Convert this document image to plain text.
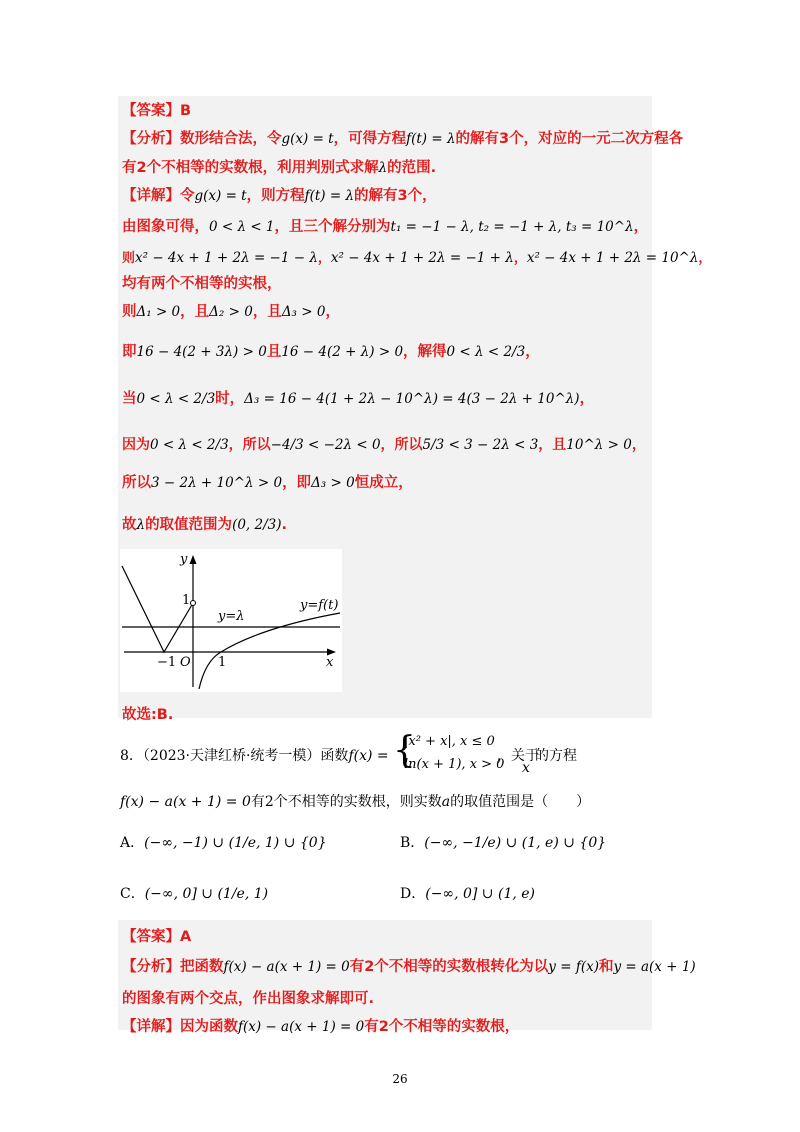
【答案】B
【分析】数形结合法，令g(x) = t，可得方程f(t) = λ的解有3个，对应的一元二次方程各
有2个不相等的实数根，利用判别式求解λ的范围.
【详解】令g(x) = t，则方程f(t) = λ的解有3个，
由图象可得，0 < λ < 1，且三个解分别为t₁ = −1 − λ, t₂ = −1 + λ, t₃ = 10^λ，
则x² − 4x + 1 + 2λ = −1 − λ，x² − 4x + 1 + 2λ = −1 + λ，x² − 4x + 1 + 2λ = 10^λ，
均有两个不相等的实根，
则Δ₁ > 0，且Δ₂ > 0，且Δ₃ > 0，
即16 − 4(2 + 3λ) > 0且16 − 4(2 + λ) > 0，解得0 < λ < 2/3，
当0 < λ < 2/3时，Δ₃ = 16 − 4(1 + 2λ − 10^λ) = 4(3 − 2λ + 10^λ)，
因为0 < λ < 2/3，所以−4/3 < −2λ < 0，所以5/3 < 3 − 2λ < 3，且10^λ > 0，
所以3 − 2λ + 10^λ > 0，即Δ₃ > 0恒成立，
故λ的取值范围为(0, 2/3).
y
x
O
−1	1
1
y=λ
y=f(t)
故选:B.
8．（2023·天津红桥·统考一模）函数f(x) = {
|x² + x|, x ≤ 0
ln(x + 1), x > 0
，关于
x
的方程
f(x) − a(x + 1) = 0有2个不相等的实数根，则实数a的取值范围是（　　）
A．(−∞, −1) ∪ (1/e, 1) ∪ {0}	B．(−∞, −1/e) ∪ (1, e) ∪ {0}
C．(−∞, 0] ∪ (1/e, 1)	D．(−∞, 0] ∪ (1, e)
【答案】A
【分析】把函数f(x) − a(x + 1) = 0有2个不相等的实数根转化为以y = f(x)和y = a(x + 1)
的图象有两个交点，作出图象求解即可.
【详解】因为函数f(x) − a(x + 1) = 0有2个不相等的实数根，
26
